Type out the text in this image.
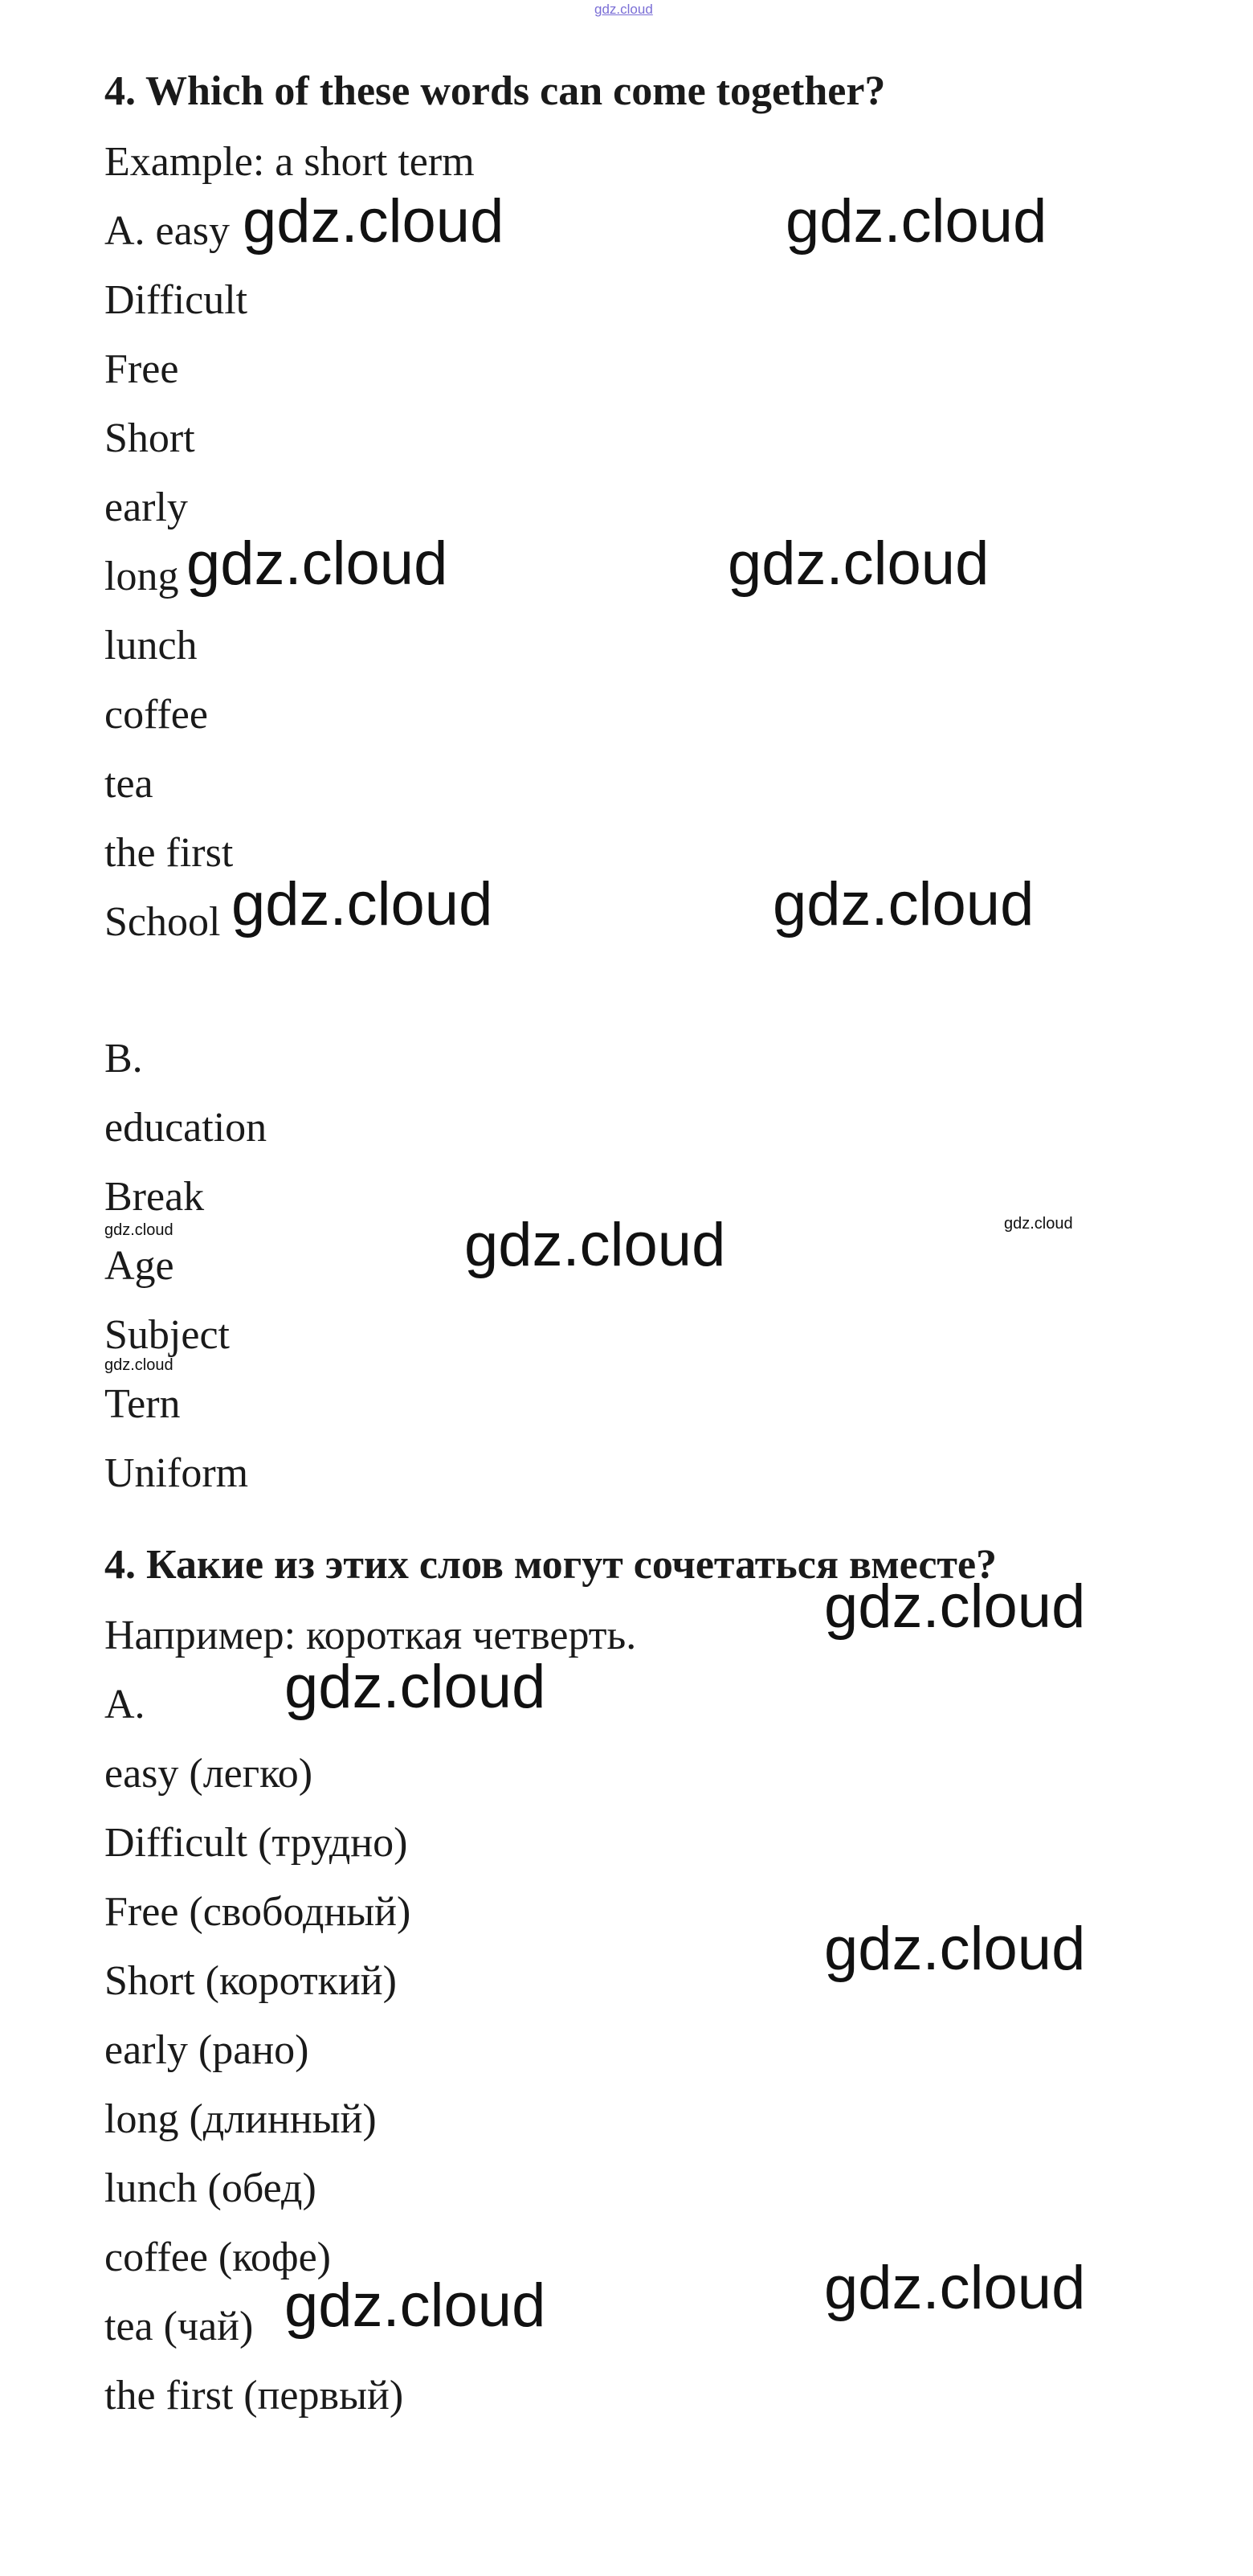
gdz.cloud
4. Which of these words can come together?
Example: a short term
A. easy
Difficult
Free
Short
early
long
lunch
coffee
tea
the first
School
B.
education
Break
Age
Subject
Tern
Uniform
4. Какие из этих слов могут сочетаться вместе?
Например: короткая четверть.
A.
easy (легко)
Difficult (трудно)
Free (свободный)
Short (короткий)
early (рано)
long (длинный)
lunch (обед)
coffee (кофе)
tea (чай)
the first (первый)
gdz.cloud	gdz.cloud
gdz.cloud	gdz.cloud
gdz.cloud	gdz.cloud
gdz.cloud
gdz.cloud
gdz.cloud
gdz.cloud
gdz.cloud
gdz.cloud
gdz.cloud	gdz.cloud
gdz.cloud
